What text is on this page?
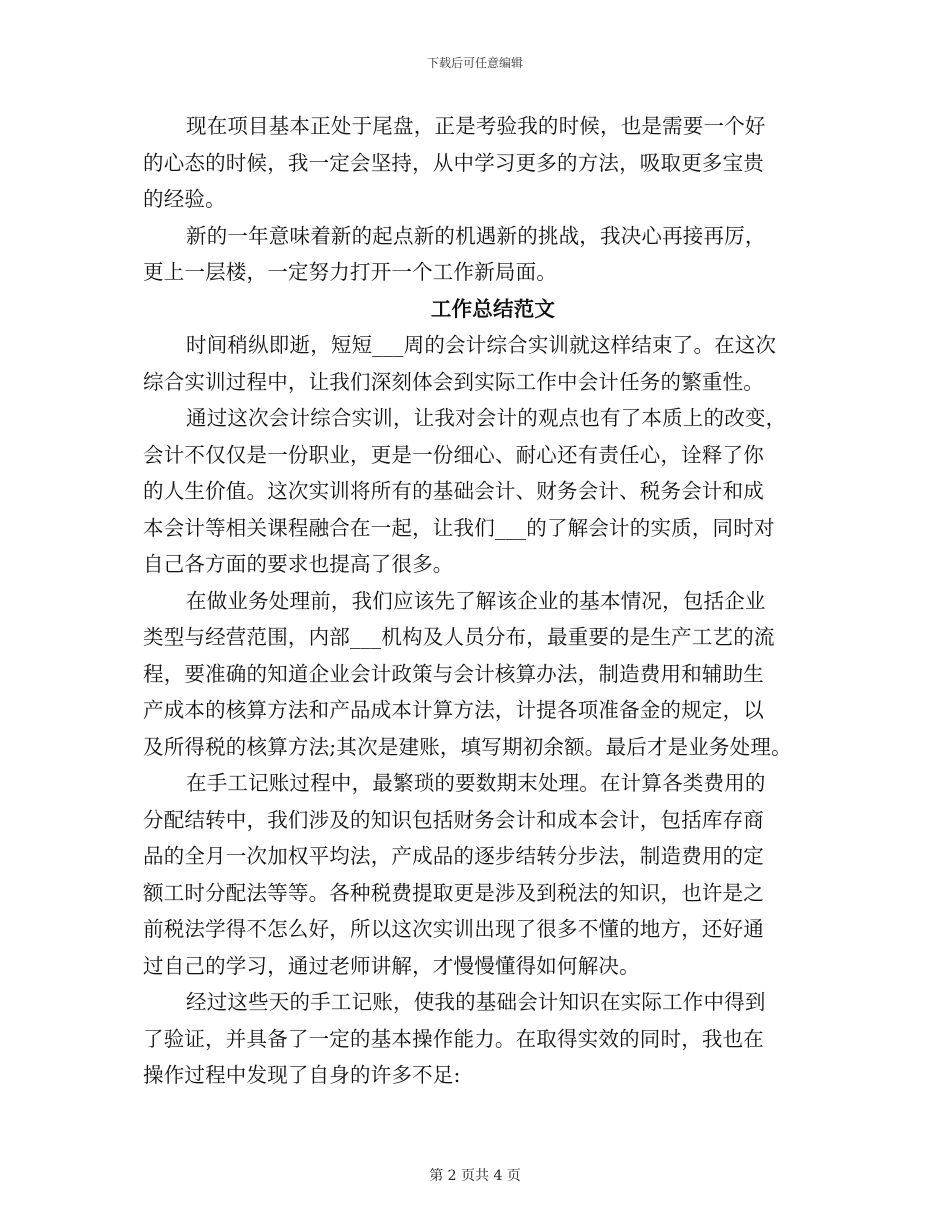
下载后可任意编辑
现在项目基本正处于尾盘，正是考验我的时候，也是需要一个好
的心态的时候，我一定会坚持，从中学习更多的方法，吸取更多宝贵
的经验。
新的一年意味着新的起点新的机遇新的挑战，我决心再接再厉，
更上一层楼，一定努力打开一个工作新局面。
工作总结范文
时间稍纵即逝，短短___周的会计综合实训就这样结束了。在这次
综合实训过程中，让我们深刻体会到实际工作中会计任务的繁重性。
通过这次会计综合实训，让我对会计的观点也有了本质上的改变，
会计不仅仅是一份职业，更是一份细心、耐心还有责任心，诠释了你
的人生价值。这次实训将所有的基础会计、财务会计、税务会计和成
本会计等相关课程融合在一起，让我们___的了解会计的实质，同时对
自己各方面的要求也提高了很多。
在做业务处理前，我们应该先了解该企业的基本情况，包括企业
类型与经营范围，内部___机构及人员分布，最重要的是生产工艺的流
程，要准确的知道企业会计政策与会计核算办法，制造费用和辅助生
产成本的核算方法和产品成本计算方法，计提各项准备金的规定，以
及所得税的核算方法;其次是建账，填写期初余额。最后才是业务处理。
在手工记账过程中，最繁琐的要数期末处理。在计算各类费用的
分配结转中，我们涉及的知识包括财务会计和成本会计，包括库存商
品的全月一次加权平均法，产成品的逐步结转分步法，制造费用的定
额工时分配法等等。各种税费提取更是涉及到税法的知识，也许是之
前税法学得不怎么好，所以这次实训出现了很多不懂的地方，还好通
过自己的学习，通过老师讲解，才慢慢懂得如何解决。
经过这些天的手工记账，使我的基础会计知识在实际工作中得到
了验证，并具备了一定的基本操作能力。在取得实效的同时，我也在
操作过程中发现了自身的许多不足:
第 2 页共 4 页
